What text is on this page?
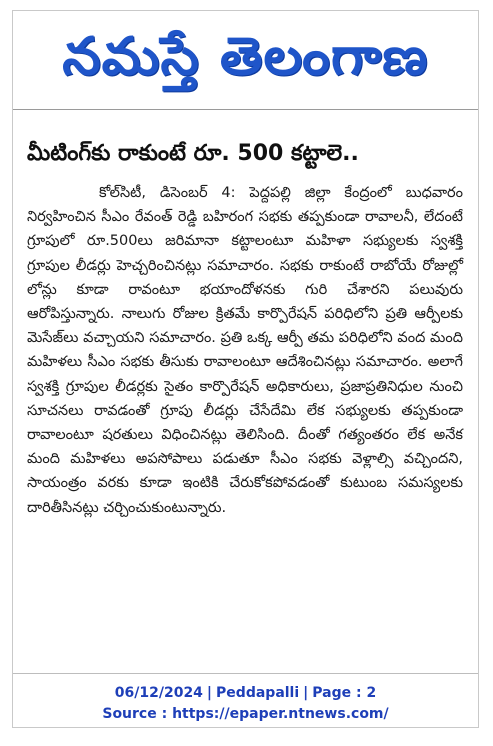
నమస్తే తెలంగాణ
మీటింగ్‌కు రాకుంటే రూ. 500 కట్టాలె..
కోల్‌సిటీ, డిసెంబర్ 4: పెద్దపల్లి జిల్లా కేంద్రంలో బుధవారం నిర్వహించిన సీఎం రేవంత్ రెడ్డి బహిరంగ సభకు తప్పకుండా రావాలనీ, లేదంటే గ్రూపులో రూ.500లు జరిమానా కట్టాలంటూ మహిళా సభ్యులకు స్వశక్తి గ్రూపుల లీడర్లు హెచ్చరించినట్లు సమాచారం. సభకు రాకుంటే రాబోయే రోజుల్లో లోన్లు కూడా రావంటూ భయాందోళనకు గురి చేశారని పలువురు ఆరోపిస్తున్నారు. నాలుగు రోజుల క్రితమే కార్పొరేషన్ పరిధిలోని ప్రతి ఆర్పీలకు మెసేజ్‌లు వచ్చాయని సమాచారం. ప్రతి ఒక్క ఆర్పీ తమ పరిధిలోని వంద మంది మహిళలు సీఎం సభకు తీసుకు రావాలంటూ ఆదేశించినట్లు సమాచారం. అలాగే స్వశక్తి గ్రూపుల లీడర్లకు సైతం కార్పొరేషన్ అధికారులు, ప్రజాప్రతినిధుల నుంచి సూచనలు రావడంతో గ్రూపు లీడర్లు చేసేదేమి లేక సభ్యులకు తప్పకుండా రావాలంటూ షరతులు విధించినట్లు తెలిసింది. దీంతో గత్యంతరం లేక అనేక మంది మహిళలు అపసోపాలు పడుతూ సీఎం సభకు వెళ్లాల్సి వచ్చిందని, సాయంత్రం వరకు కూడా ఇంటికి చేరుకోకపోవడంతో కుటుంబ సమస్యలకు దారితీసినట్లు చర్చించుకుంటున్నారు.
06/12/2024 | Peddapalli | Page : 2
Source : https://epaper.ntnews.com/
